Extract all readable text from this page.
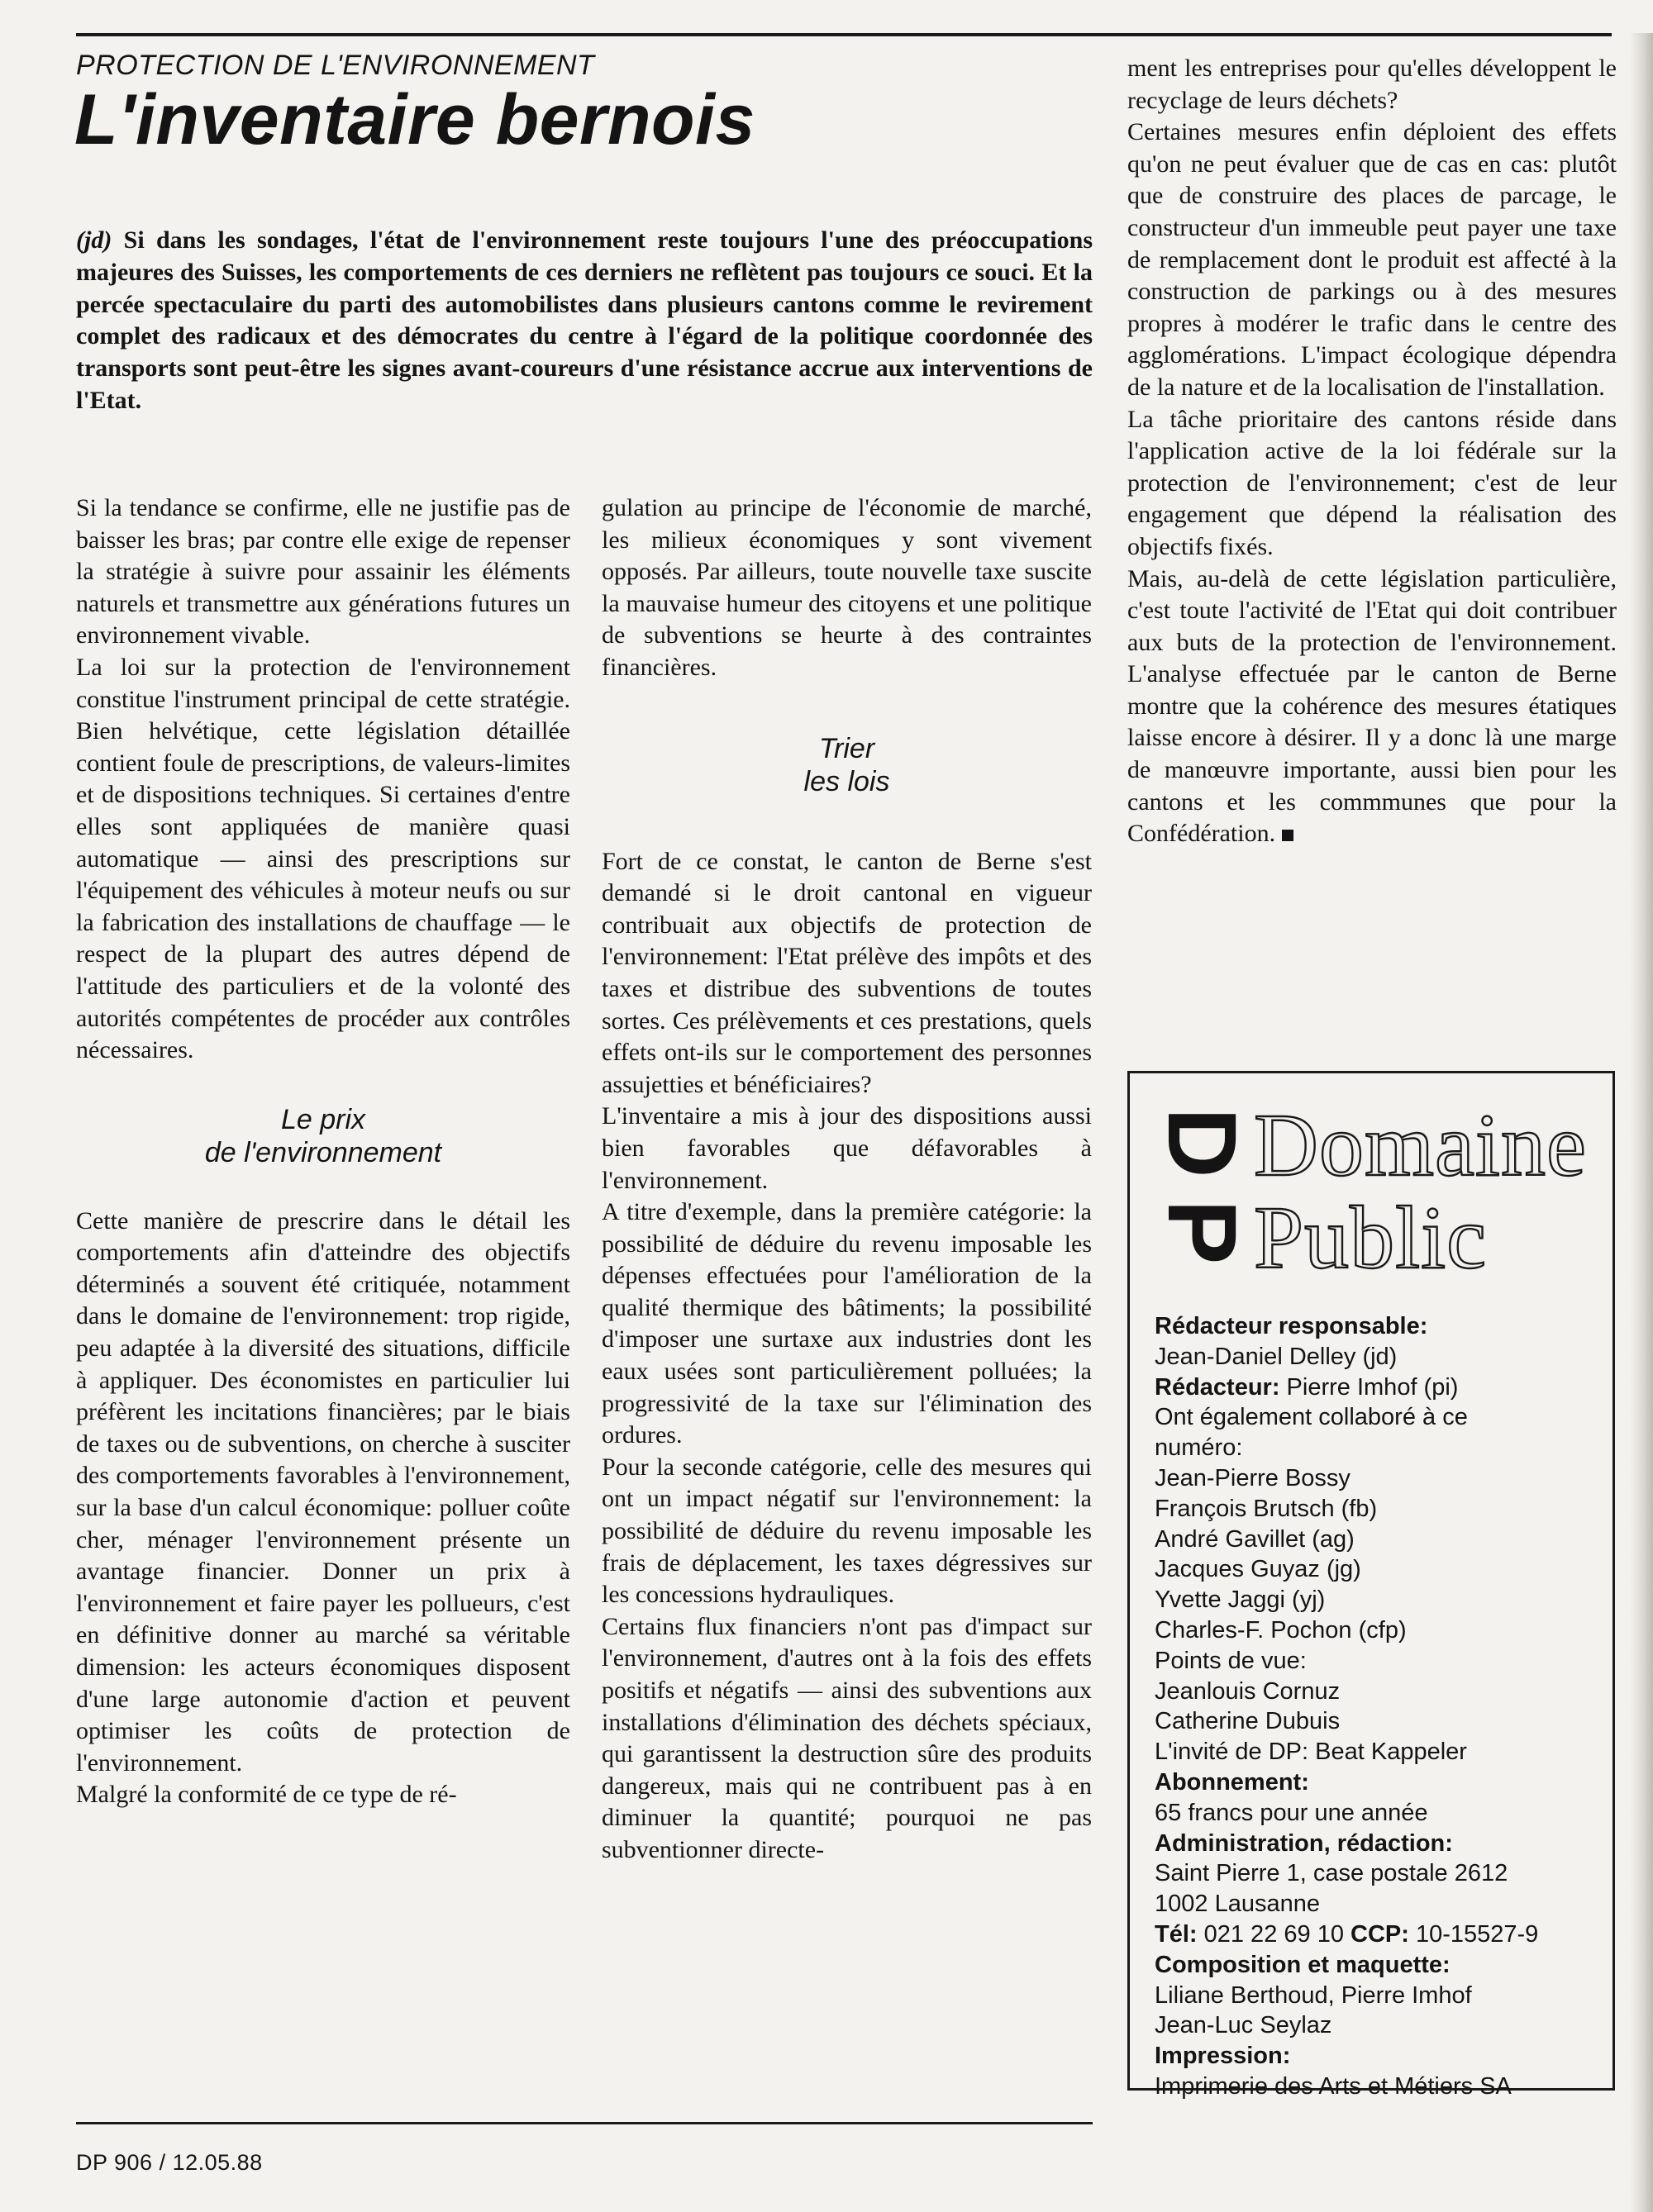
PROTECTION DE L'ENVIRONNEMENT
L'inventaire bernois
(jd) Si dans les sondages, l'état de l'environnement reste toujours l'une des préoccupations majeures des Suisses, les comportements de ces derniers ne reflètent pas toujours ce souci. Et la percée spectaculaire du parti des automobilistes dans plusieurs cantons comme le revirement complet des radicaux et des démocrates du centre à l'égard de la politique coordonnée des transports sont peut-être les signes avant-coureurs d'une résistance accrue aux interventions de l'Etat.

Si la tendance se confirme, elle ne justifie pas de baisser les bras; par contre elle exige de repenser la stratégie à suivre pour assainir les éléments naturels et transmettre aux générations futures un environnement vivable.

La loi sur la protection de l'environnement constitue l'instrument principal de cette stratégie. Bien helvétique, cette législation détaillée contient foule de prescriptions, de valeurs-limites et de dispositions techniques. Si certaines d'entre elles sont appliquées de manière quasi automatique — ainsi des prescriptions sur l'équipement des véhicules à moteur neufs ou sur la fabrication des installations de chauffage — le respect de la plupart des autres dépend de l'attitude des particuliers et de la volonté des autorités compétentes de procéder aux contrôles nécessaires.

Le prix
de l'environnement

Cette manière de prescrire dans le détail les comportements afin d'atteindre des objectifs déterminés a souvent été critiquée, notamment dans le domaine de l'environnement: trop rigide, peu adaptée à la diversité des situations, difficile à appliquer. Des économistes en particulier lui préfèrent les incitations financières; par le biais de taxes ou de subventions, on cherche à susciter des comportements favorables à l'environnement, sur la base d'un calcul économique: polluer coûte cher, ménager l'environnement présente un avantage financier. Donner un prix à l'environnement et faire payer les pollueurs, c'est en définitive donner au marché sa véritable dimension: les acteurs économiques disposent d'une large autonomie d'action et peuvent optimiser les coûts de protection de l'environnement.

Malgré la conformité de ce type de ré-

gulation au principe de l'économie de marché, les milieux économiques y sont vivement opposés. Par ailleurs, toute nouvelle taxe suscite la mauvaise humeur des citoyens et une politique de subventions se heurte à des contraintes financières.

Trier
les lois

Fort de ce constat, le canton de Berne s'est demandé si le droit cantonal en vigueur contribuait aux objectifs de protection de l'environnement: l'Etat prélève des impôts et des taxes et distribue des subventions de toutes sortes. Ces prélèvements et ces prestations, quels effets ont-ils sur le comportement des personnes assujetties et bénéficiaires?

L'inventaire a mis à jour des dispositions aussi bien favorables que défavorables à l'environnement.

A titre d'exemple, dans la première catégorie: la possibilité de déduire du revenu imposable les dépenses effectuées pour l'amélioration de la qualité thermique des bâtiments; la possibilité d'imposer une surtaxe aux industries dont les eaux usées sont particulièrement polluées; la progressivité de la taxe sur l'élimination des ordures.

Pour la seconde catégorie, celle des mesures qui ont un impact négatif sur l'environnement: la possibilité de déduire du revenu imposable les frais de déplacement, les taxes dégressives sur les concessions hydrauliques.

Certains flux financiers n'ont pas d'impact sur l'environnement, d'autres ont à la fois des effets positifs et négatifs — ainsi des subventions aux installations d'élimination des déchets spéciaux, qui garantissent la destruction sûre des produits dangereux, mais qui ne contribuent pas à en diminuer la quantité; pourquoi ne pas subventionner directe-

ment les entreprises pour qu'elles développent le recyclage de leurs déchets?

Certaines mesures enfin déploient des effets qu'on ne peut évaluer que de cas en cas: plutôt que de construire des places de parcage, le constructeur d'un immeuble peut payer une taxe de remplacement dont le produit est affecté à la construction de parkings ou à des mesures propres à modérer le trafic dans le centre des agglomérations. L'impact écologique dépendra de la nature et de la localisation de l'installation.

La tâche prioritaire des cantons réside dans l'application active de la loi fédérale sur la protection de l'environnement; c'est de leur engagement que dépend la réalisation des objectifs fixés.

Mais, au-delà de cette législation particulière, c'est toute l'activité de l'Etat qui doit contribuer aux buts de la protection de l'environnement. L'analyse effectuée par le canton de Berne montre que la cohérence des mesures étatiques laisse encore à désirer. Il y a donc là une marge de manœuvre importante, aussi bien pour les cantons et les commmunes que pour la Confédération.

D
P
Domaine
Public
Rédacteur responsable:
Jean-Daniel Delley (jd)
Rédacteur: Pierre Imhof (pi)
Ont également collaboré à ce
numéro:
Jean-Pierre Bossy
François Brutsch (fb)
André Gavillet (ag)
Jacques Guyaz (jg)
Yvette Jaggi (yj)
Charles-F. Pochon (cfp)
Points de vue:
Jeanlouis Cornuz
Catherine Dubuis
L'invité de DP: Beat Kappeler
Abonnement:
65 francs pour une année
Administration, rédaction:
Saint Pierre 1, case postale 2612
1002 Lausanne
Tél: 021 22 69 10 CCP: 10-15527-9
Composition et maquette:
Liliane Berthoud, Pierre Imhof
Jean-Luc Seylaz
Impression:
Imprimerie des Arts et Métiers SA
DP 906 / 12.05.88
